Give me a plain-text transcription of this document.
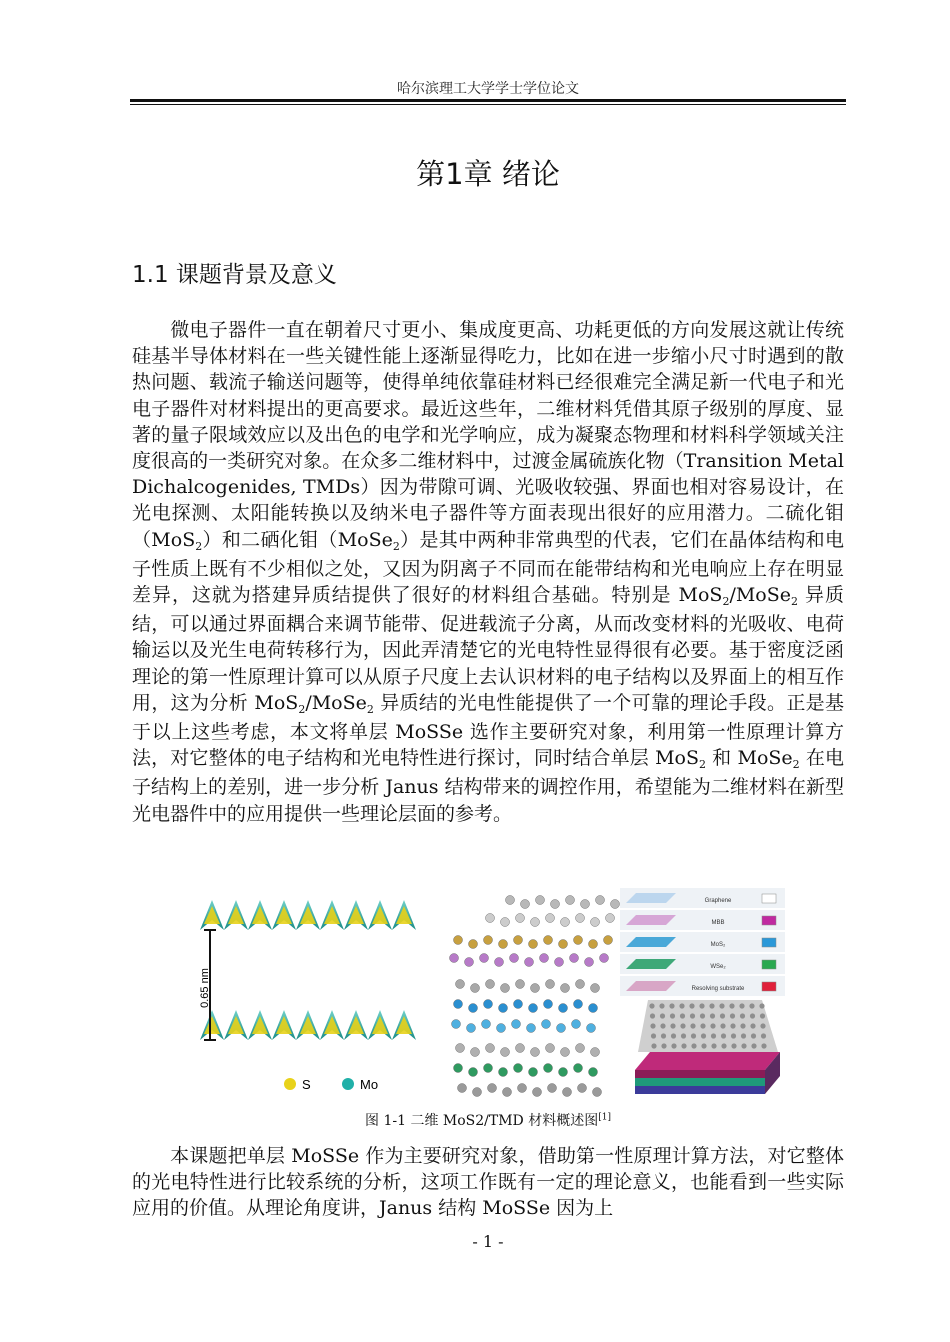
哈尔滨理工大学学士学位论文
第1章 绪论
1.1 课题背景及意义

  微电子器件一直在朝着尺寸更小、集成度更高、功耗更低的方向发展这就让传统硅基半导体材料在一些关键性能上逐渐显得吃力，比如在进一步缩小尺寸时遇到的散热问题、载流子输送问题等，使得单纯依靠硅材料已经很难完全满足新一代电子和光电子器件对材料提出的更高要求。最近这些年，二维材料凭借其原子级别的厚度、显著的量子限域效应以及出色的电学和光学响应，成为凝聚态物理和材料科学领域关注度很高的一类研究对象。在众多二维材料中，过渡金属硫族化物（Transition Metal Dichalcogenides, TMDs）因为带隙可调、光吸收较强、界面也相对容易设计，在光电探测、太阳能转换以及纳米电子器件等方面表现出很好的应用潜力。二硫化钼（MoS$_2$）和二硒化钼（MoSe$_2$）是其中两种非常典型的代表，它们在晶体结构和电子性质上既有不少相似之处，又因为阴离子不同而在能带结构和光电响应上存在明显差异，这就为搭建异质结提供了很好的材料组合基础。特别是 MoS$_2$/MoSe$_2$ 异质结，可以通过界面耦合来调节能带、促进载流子分离，从而改变材料的光吸收、电荷输运以及光生电荷转移行为，因此弄清楚它的光电特性显得很有必要。基于密度泛函理论的第一性原理计算可以从原子尺度上去认识材料的电子结构以及界面上的相互作用，这为分析 MoS$_2$/MoSe$_2$ 异质结的光电性能提供了一个可靠的理论手段。正是基于以上这些考虑，本文将单层 MoSSe 选作主要研究对象，利用第一性原理计算方法，对它整体的电子结构和光电特性进行探讨，同时结合单层 MoS$_2$ 和 MoSe$_2$ 在电子结构上的差别，进一步分析 Janus 结构带来的调控作用，希望能为二维材料在新型光电器件中的应用提供一些理论层面的参考。

0.65 nm
S	Mo
Graphene
MBB
MoS₂
WSe₂
Resolving substrate
图 1-1 二维 MoS2/TMD 材料概述图[1]

  本课题把单层 MoSSe 作为主要研究对象，借助第一性原理计算方法，对它整体的光电特性进行比较系统的分析，这项工作既有一定的理论意义，也能看到一些实际应用的价值。从理论角度讲，Janus 结构 MoSSe 因为上

- 1 -
